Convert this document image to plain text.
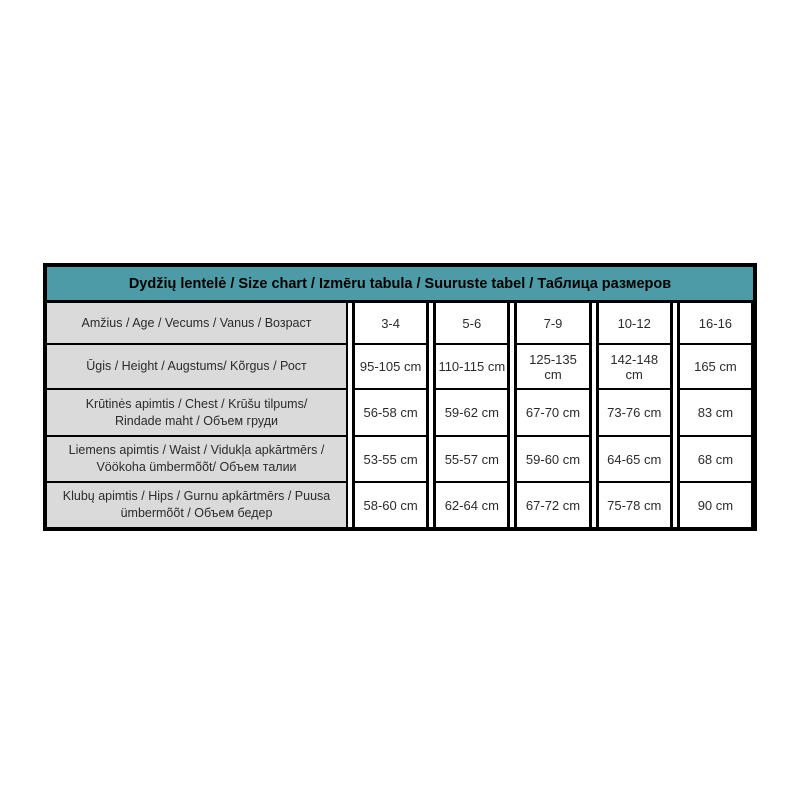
Dydžių lentelė / Size chart / Izmēru tabula / Suuruste tabel / Таблица размеров
Amžius / Age / Vecums / Vanus / Возраст
Ūgis / Height / Augstums/ Kõrgus / Рост
Krūtinės apimtis / Chest / Krūšu tilpums/ Rindade maht / Объем груди
Liemens apimtis / Waist / Vidukļa apkārtmērs / Vöökoha ümbermõõt/ Объем талии
Klubų apimtis / Hips / Gurnu apkārtmērs / Puusa ümbermõõt / Объем бедер
3-4
95-105 cm
56-58 cm
53-55 cm
58-60 cm
5-6
110-115 cm
59-62 cm
55-57 cm
62-64 cm
7-9
125-135 cm
67-70 cm
59-60 cm
67-72 cm
10-12
142-148 cm
73-76 cm
64-65 cm
75-78 cm
16-16
165 cm
83 cm
68 cm
90 cm
